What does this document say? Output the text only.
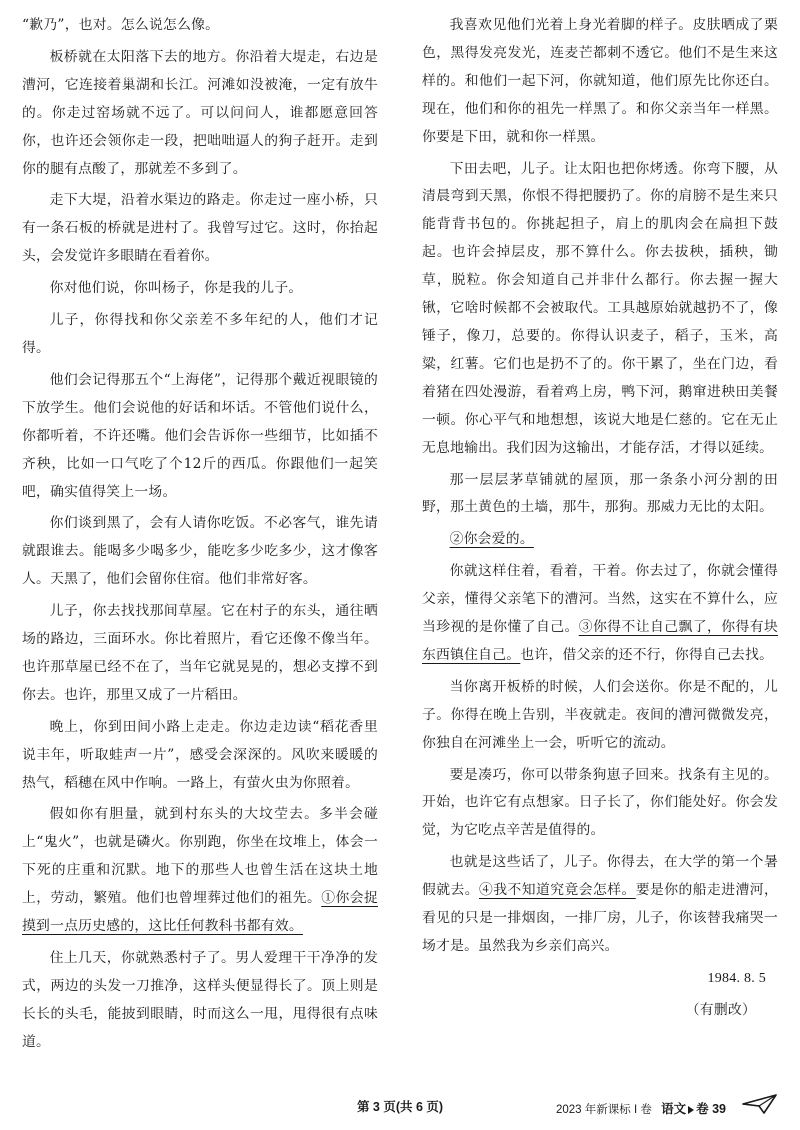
“歉乃”，也对。怎么说怎么像。

板桥就在太阳落下去的地方。你沿着大堤走，右边是漕河，它连接着巢湖和长江。河滩如没被淹，一定有放牛的。你走过窑场就不远了。可以问问人，谁都愿意回答你，也许还会领你走一段，把咄咄逼人的狗子赶开。走到你的腿有点酸了，那就差不多到了。

走下大堤，沿着水渠边的路走。你走过一座小桥，只有一条石板的桥就是进村了。我曾写过它。这时，你抬起头，会发觉许多眼睛在看着你。

你对他们说，你叫杨子，你是我的儿子。

儿子，你得找和你父亲差不多年纪的人，他们才记得。

他们会记得那五个“上海佬”，记得那个戴近视眼镜的下放学生。他们会说他的好话和坏话。不管他们说什么，你都听着，不许还嘴。他们会告诉你一些细节，比如插不齐秧，比如一口气吃了个12斤的西瓜。你跟他们一起笑吧，确实值得笑上一场。

你们谈到黑了，会有人请你吃饭。不必客气，谁先请就跟谁去。能喝多少喝多少，能吃多少吃多少，这才像客人。天黑了，他们会留你住宿。他们非常好客。

儿子，你去找找那间草屋。它在村子的东头，通往晒场的路边，三面环水。你比着照片，看它还像不像当年。也许那草屋已经不在了，当年它就晃晃的，想必支撑不到你去。也许，那里又成了一片稻田。

晚上，你到田间小路上走走。你边走边读“稻花香里说丰年，听取蛙声一片”，感受会深深的。风吹来暖暖的热气，稻穗在风中作响。一路上，有萤火虫为你照着。

假如你有胆量，就到村东头的大坟茔去。多半会碰上“鬼火”，也就是磷火。你别跑，你坐在坟堆上，体会一下死的庄重和沉默。地下的那些人也曾生活在这块土地上，劳动，繁殖。他们也曾埋葬过他们的祖先。①你会捉摸到一点历史感的，这比任何教科书都有效。

住上几天，你就熟悉村子了。男人爱理干干净净的发式，两边的头发一刀推净，这样头便显得长了。顶上则是长长的头毛，能披到眼睛，时而这么一甩，甩得很有点味道。

我喜欢见他们光着上身光着脚的样子。皮肤晒成了栗色，黑得发亮发光，连麦芒都刺不透它。他们不是生来这样的。和他们一起下河，你就知道，他们原先比你还白。现在，他们和你的祖先一样黑了。和你父亲当年一样黑。你要是下田，就和你一样黑。

下田去吧，儿子。让太阳也把你烤透。你弯下腰，从清晨弯到天黑，你恨不得把腰扔了。你的肩膀不是生来只能背背书包的。你挑起担子，肩上的肌肉会在扁担下鼓起。也许会掉层皮，那不算什么。你去拔秧，插秧，锄草，脱粒。你会知道自己并非什么都行。你去握一握大锹，它啥时候都不会被取代。工具越原始就越扔不了，像锤子，像刀，总要的。你得认识麦子，稻子，玉米，高粱，红薯。它们也是扔不了的。你干累了，坐在门边，看着猪在四处漫游，看着鸡上房，鸭下河，鹅窜进秧田美餐一顿。你心平气和地想想，该说大地是仁慈的。它在无止无息地输出。我们因为这输出，才能存活，才得以延续。

那一层层茅草铺就的屋顶，那一条条小河分割的田野，那土黄色的土墙，那牛，那狗。那威力无比的太阳。

②你会爱的。

你就这样住着，看着，干着。你去过了，你就会懂得父亲，懂得父亲笔下的漕河。当然，这实在不算什么，应当珍视的是你懂了自己。③你得不让自己飘了，你得有块东西镇住自己。也许，借父亲的还不行，你得自己去找。

当你离开板桥的时候，人们会送你。你是不配的，儿子。你得在晚上告别，半夜就走。夜间的漕河微微发亮，你独自在河滩坐上一会，听听它的流动。

要是凑巧，你可以带条狗崽子回来。找条有主见的。开始，也许它有点想家。日子长了，你们能处好。你会发觉，为它吃点辛苦是值得的。

也就是这些话了，儿子。你得去，在大学的第一个暑假就去。④我不知道究竟会怎样。要是你的船走进漕河，看见的只是一排烟囱，一排厂房，儿子，你该替我痛哭一场才是。虽然我为乡亲们高兴。

1984. 8. 5

（有删改）

第 3 页(共 6 页)	2023 年新课标 I 卷 语文 卷 39
